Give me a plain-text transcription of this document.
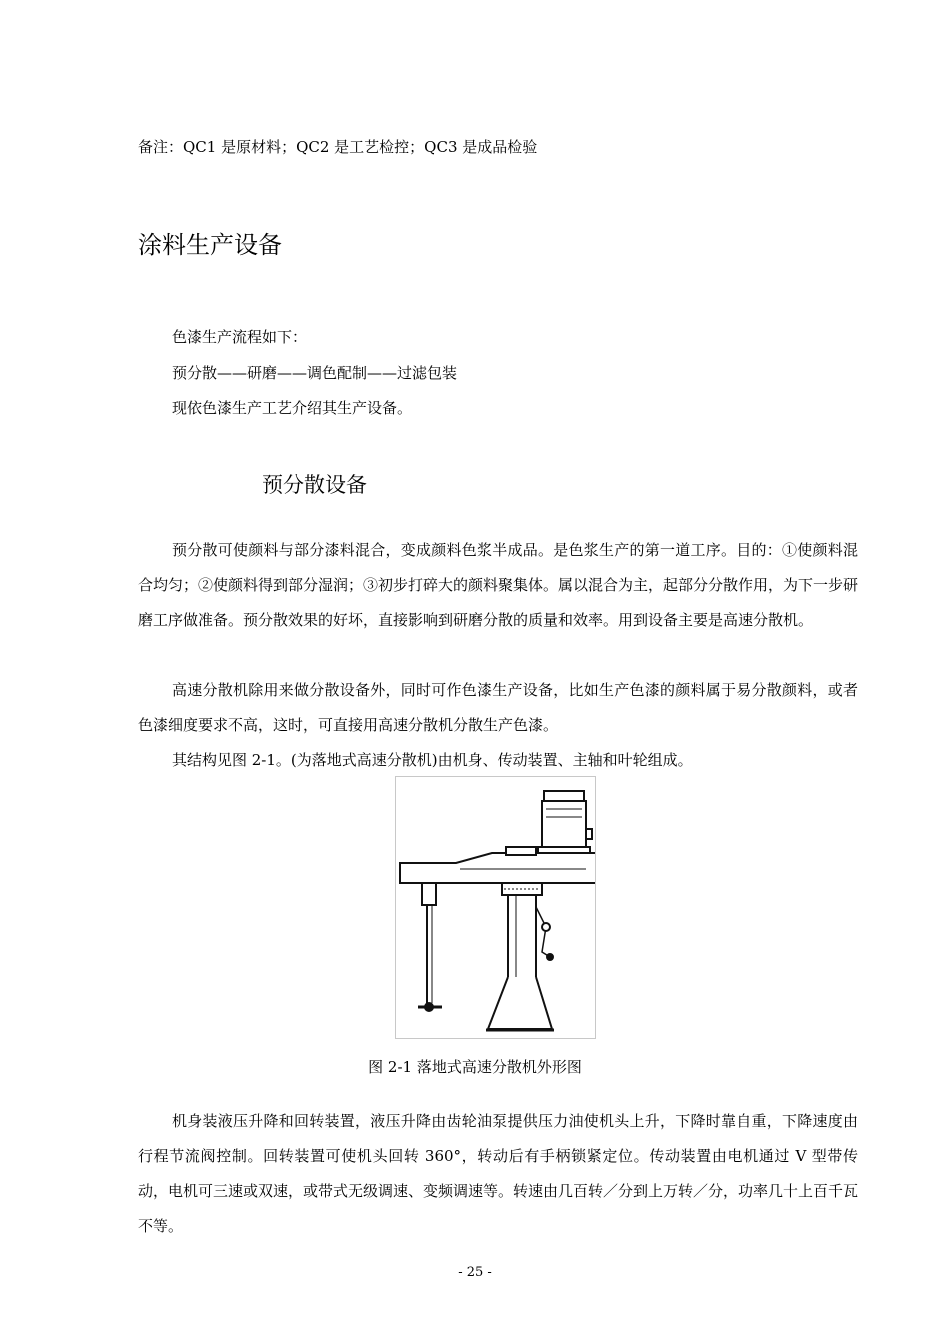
备注：QC1 是原材料；QC2 是工艺检控；QC3 是成品检验

涂料生产设备

色漆生产流程如下：

预分散——研磨——调色配制——过滤包装

现依色漆生产工艺介绍其生产设备。

预分散设备

预分散可使颜料与部分漆料混合，变成颜料色浆半成品。是色浆生产的第一道工序。目的：①使颜料混合均匀；②使颜料得到部分湿润；③初步打碎大的颜料聚集体。属以混合为主，起部分分散作用，为下一步研磨工序做准备。预分散效果的好坏，直接影响到研磨分散的质量和效率。用到设备主要是高速分散机。

高速分散机除用来做分散设备外，同时可作色漆生产设备，比如生产色漆的颜料属于易分散颜料，或者色漆细度要求不高，这时，可直接用高速分散机分散生产色漆。

其结构见图 2-1。(为落地式高速分散机)由机身、传动装置、主轴和叶轮组成。

图 2-1 落地式高速分散机外形图

机身装液压升降和回转装置，液压升降由齿轮油泵提供压力油使机头上升，下降时靠自重，下降速度由行程节流阀控制。回转装置可使机头回转 360°，转动后有手柄锁紧定位。传动装置由电机通过 V 型带传动，电机可三速或双速，或带式无级调速、变频调速等。转速由几百转／分到上万转／分，功率几十上百千瓦不等。

- 25 -
